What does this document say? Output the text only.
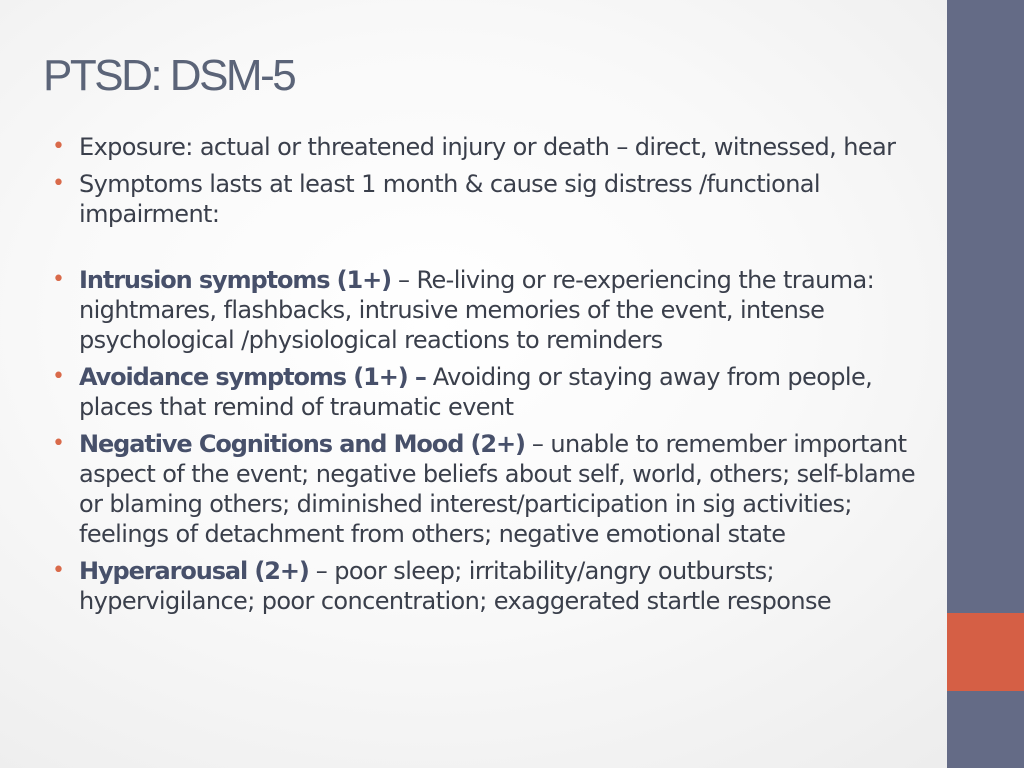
PTSD: DSM-5
• Exposure: actual or threatened injury or death – direct, witnessed, hear
• Symptoms lasts at least 1 month & cause sig distress /functional impairment:
• Intrusion symptoms (1+) – Re-living or re-experiencing the trauma: nightmares, flashbacks, intrusive memories of the event, intense psychological /physiological reactions to reminders
• Avoidance symptoms (1+) – Avoiding or staying away from people, places that remind of traumatic event
• Negative Cognitions and Mood (2+) – unable to remember important aspect of the event; negative beliefs about self, world, others; self-blame or blaming others; diminished interest/participation in sig activities; feelings of detachment from others; negative emotional state
• Hyperarousal (2+) – poor sleep; irritability/angry outbursts; hypervigilance; poor concentration; exaggerated startle response
